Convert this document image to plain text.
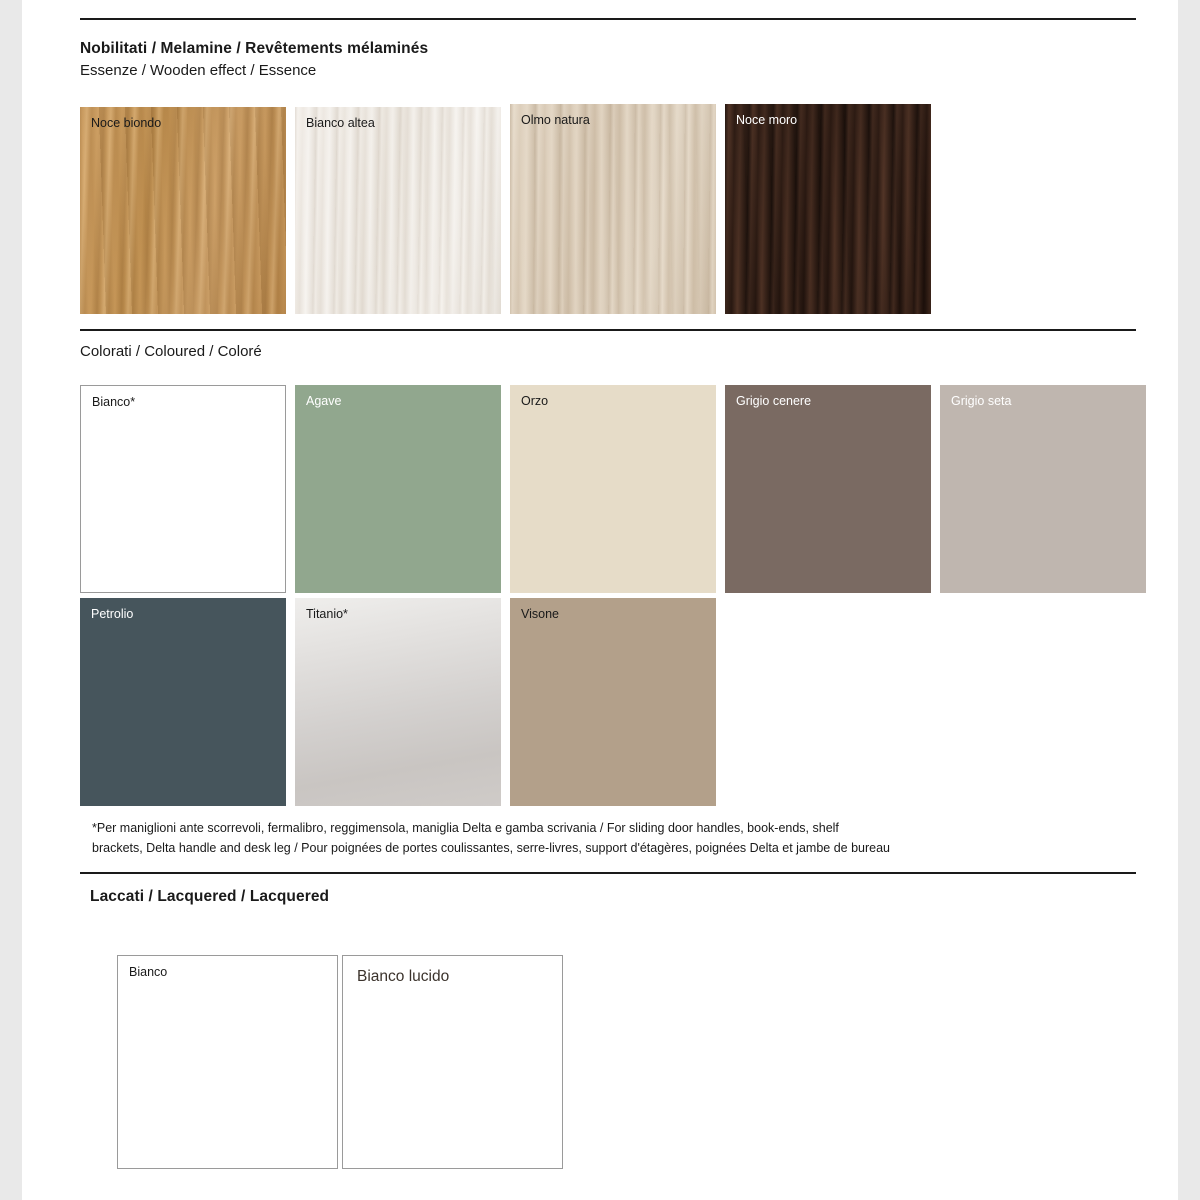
Nobilitati / Melamine / Revêtements mélaminés
Essenze / Wooden effect / Essence
Noce biondo	Bianco altea	Olmo natura	Noce moro
Colorati / Coloured / Coloré
Bianco*	Agave	Orzo	Grigio cenere	Grigio seta
Petrolio	Titanio*	Visone
*Per maniglioni ante scorrevoli, fermalibro, reggimensola, maniglia Delta e gamba scrivania / For sliding door handles, book-ends, shelf
brackets, Delta handle and desk leg / Pour poignées de portes coulissantes, serre-livres, support d'étagères, poignées Delta et jambe de bureau
Laccati / Lacquered / Lacquered
Bianco	Bianco lucido
